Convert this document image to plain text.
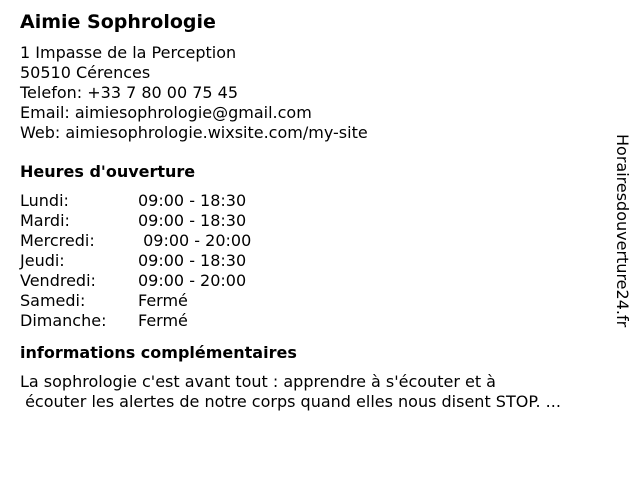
Aimie Sophrologie
1 Impasse de la Perception
50510 Cérences
Telefon: +33 7 80 00 75 45
Email: aimiesophrologie@gmail.com
Web: aimiesophrologie.wixsite.com/my-site
Heures d'ouverture
Lundi:	09:00 - 18:30
Mardi:	09:00 - 18:30
Mercredi:	09:00 - 20:00
Jeudi:	09:00 - 18:30
Vendredi:	09:00 - 20:00
Samedi:	Fermé
Dimanche:	Fermé
informations complémentaires
La sophrologie c'est avant tout : apprendre à s'écouter et à
écouter les alertes de notre corps quand elles nous disent STOP. ...
Horairesdouverture24.fr
